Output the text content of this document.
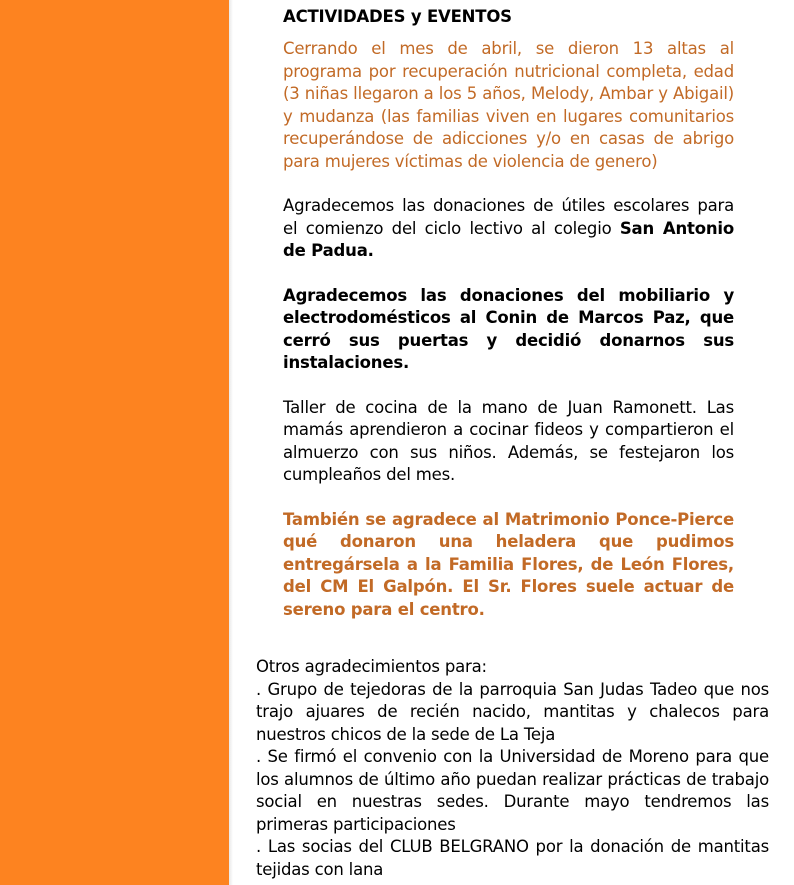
ACTIVIDADES y EVENTOS

Cerrando el mes de abril, se dieron 13 altas al programa por recuperación nutricional completa, edad (3 niñas llegaron a los 5 años, Melody, Ambar y Abigail) y mudanza (las familias viven en lugares comunitarios recuperándose de adicciones y/o en casas de abrigo para mujeres víctimas de violencia de genero)

Agradecemos las donaciones de útiles escolares para el comienzo del ciclo lectivo al colegio San Antonio de Padua.

Agradecemos las donaciones del mobiliario y electrodomésticos al Conin de Marcos Paz, que cerró sus puertas y decidió donarnos sus instalaciones.

Taller de cocina de la mano de Juan Ramonett. Las mamás aprendieron a cocinar fideos y compartieron el almuerzo con sus niños. Además, se festejaron los cumpleaños del mes.

También se agradece al Matrimonio Ponce-Pierce qué donaron una heladera que pudimos entregársela a la Familia Flores, de León Flores, del CM El Galpón. El Sr. Flores suele actuar de sereno para el centro.

Otros agradecimientos para:

. Grupo de tejedoras de la parroquia San Judas Tadeo que nos trajo ajuares de recién nacido, mantitas y chalecos para nuestros chicos de la sede de La Teja

. Se firmó el convenio con la Universidad de Moreno para que los alumnos de último año puedan realizar prácticas de trabajo social en nuestras sedes. Durante mayo tendremos las primeras participaciones

. Las socias del CLUB BELGRANO por la donación de mantitas tejidas con lana
